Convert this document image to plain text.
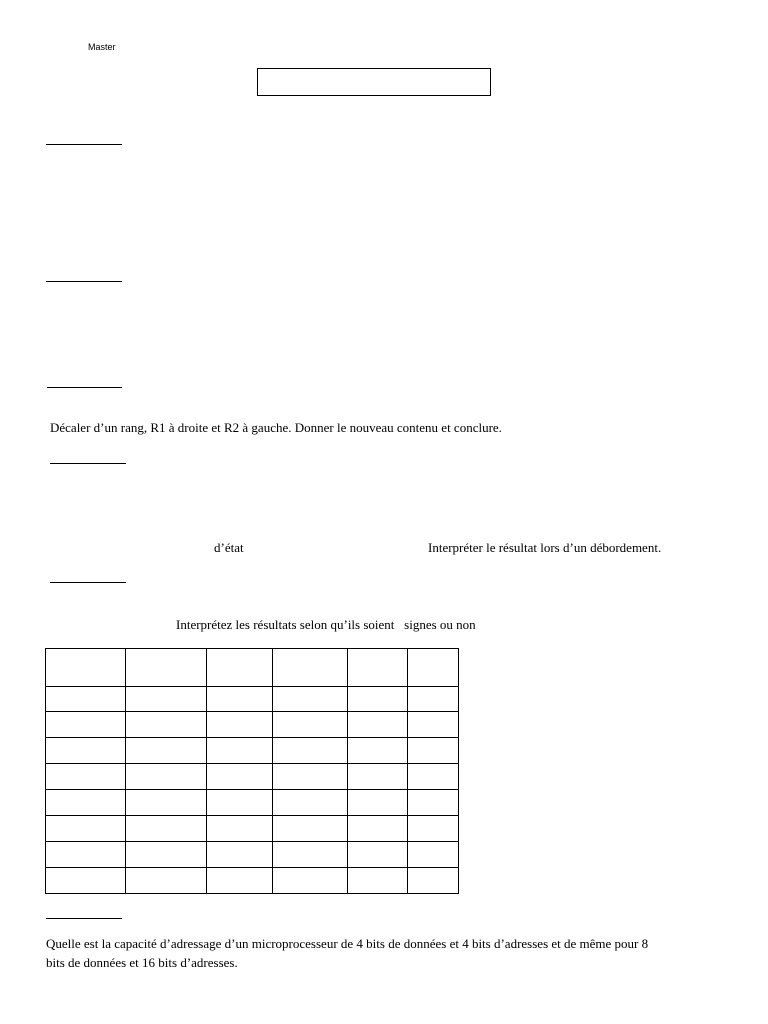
Master
Décaler d’un rang, R1 à droite et R2 à gauche. Donner le nouveau contenu et conclure.
d’état	Interpréter le résultat lors d’un débordement.
Interprétez les résultats selon qu’ils soient   signes ou non

Quelle est la capacité d’adressage d’un microprocesseur de 4 bits de données et 4 bits d’adresses et de même pour 8
bits de données et 16 bits d’adresses.
